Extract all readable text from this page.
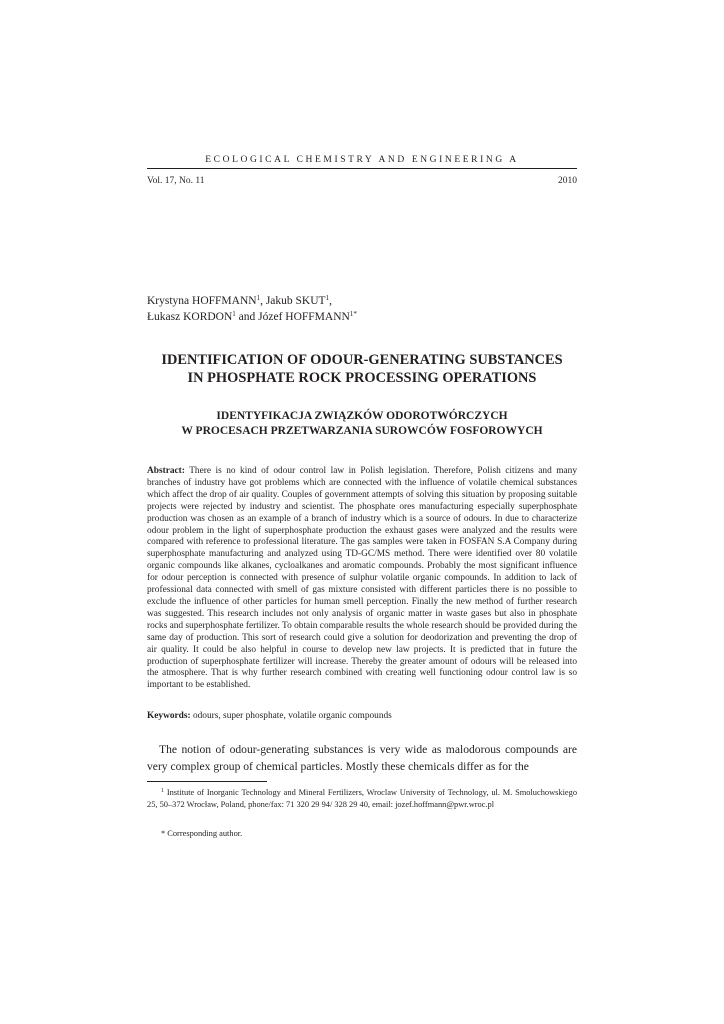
ECOLOGICAL CHEMISTRY AND ENGINEERING A
Vol. 17, No. 11	2010
Krystyna HOFFMANN$^1$, Jakub SKUT$^1$,
Łukasz KORDON$^1$ and Józef $HOFFMANN^{1*}$
IDENTIFICATION OF ODOUR-GENERATING SUBSTANCES
IN PHOSPHATE ROCK PROCESSING OPERATIONS
IDENTYFIKACJA ZWIĄZKÓW ODOROTWÓRCZYCH
W PROCESACH PRZETWARZANIA SUROWCÓW FOSFOROWYCH
Abstract: There is no kind of odour control law in Polish legislation. Therefore, Polish citizens and many branches of industry have got problems which are connected with the influence of volatile chemical substances which affect the drop of air quality. Couples of government attempts of solving this situation by proposing suitable projects were rejected by industry and scientist. The phosphate ores manufacturing especially superphosphate production was chosen as an example of a branch of industry which is a source of odours. In due to characterize odour problem in the light of superphosphate production the exhaust gases were analyzed and the results were compared with reference to professional literature. The gas samples were taken in FOSFAN S.A Company during superphosphate manufacturing and analyzed using TD-GC/MS method. There were identified over 80 volatile organic compounds like alkanes, cycloalkanes and aromatic compounds. Probably the most significant influence for odour perception is connected with presence of sulphur volatile organic compounds. In addition to lack of professional data connected with smell of gas mixture consisted with different particles there is no possible to exclude the influence of other particles for human smell perception. Finally the new method of further research was suggested. This research includes not only analysis of organic matter in waste gases but also in phosphate rocks and superphosphate fertilizer. To obtain comparable results the whole research should be provided during the same day of production. This sort of research could give a solution for deodorization and preventing the drop of air quality. It could be also helpful in course to develop new law projects. It is predicted that in future the production of superphosphate fertilizer will increase. Thereby the greater amount of odours will be released into the atmosphere. That is why further research combined with creating well functioning odour control law is so important to be established.
Keywords: odours, super phosphate, volatile organic compounds
The notion of odour-generating substances is very wide as malodorous compounds are very complex group of chemical particles. Mostly these chemicals differ as for the
$^1$ Institute of Inorganic Technology and Mineral Fertilizers, Wroclaw University of Technology, ul. M. Smoluchowskiego 25, 50–372 Wrocław, Poland, phone/fax: 71 320 29 94/ 328 29 40, email: jozef.hoffmann@pwr.wroc.pl
* Corresponding author.
